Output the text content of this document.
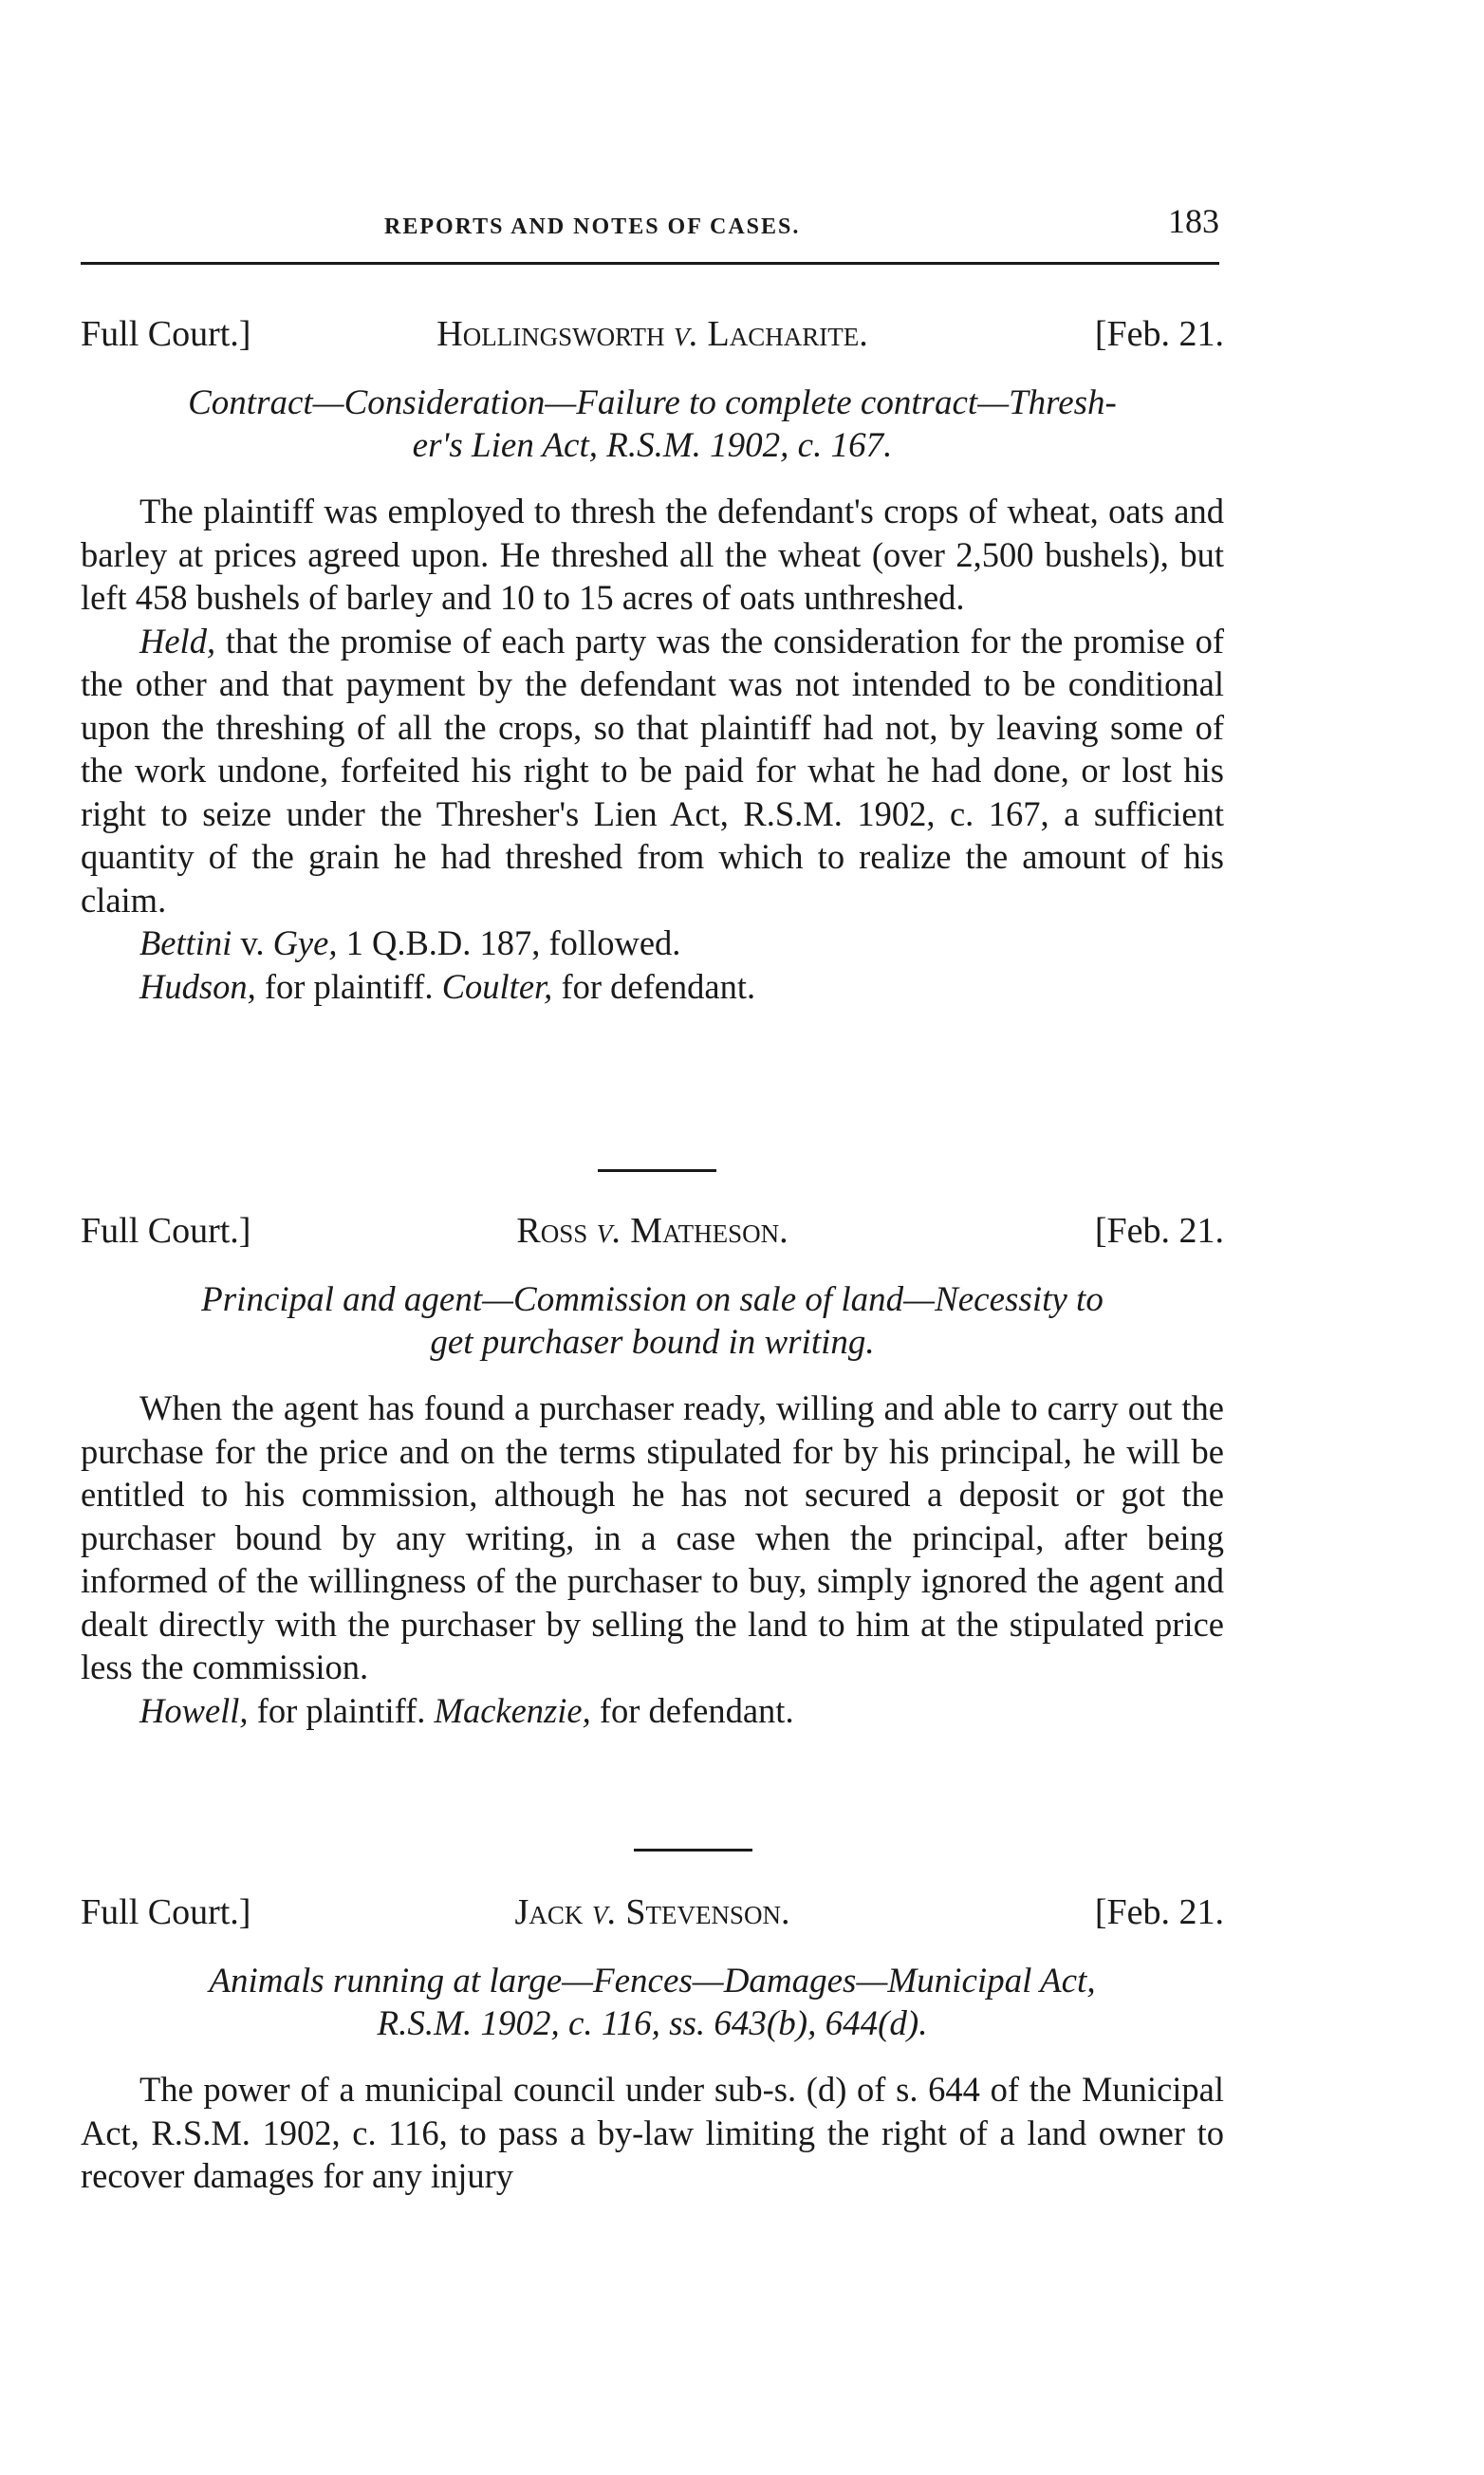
REPORTS AND NOTES OF CASES.	183
Full Court.]	Hollingsworth v. Lacharite.	[Feb. 21.
Contract—Consideration—Failure to complete contract—Thresh-
er's Lien Act, R.S.M. 1902, c. 167.

The plaintiff was employed to thresh the defendant's crops of wheat, oats and barley at prices agreed upon. He threshed all the wheat (over 2,500 bushels), but left 458 bushels of barley and 10 to 15 acres of oats unthreshed.

Held, that the promise of each party was the consideration for the promise of the other and that payment by the defendant was not intended to be conditional upon the threshing of all the crops, so that plaintiff had not, by leaving some of the work undone, forfeited his right to be paid for what he had done, or lost his right to seize under the Thresher's Lien Act, R.S.M. 1902, c. 167, a sufficient quantity of the grain he had threshed from which to realize the amount of his claim.

Bettini v. Gye, 1 Q.B.D. 187, followed.

Hudson, for plaintiff. Coulter, for defendant.

Full Court.]	Ross v. Matheson.	[Feb. 21.
Principal and agent—Commission on sale of land—Necessity to
get purchaser bound in writing.

When the agent has found a purchaser ready, willing and able to carry out the purchase for the price and on the terms stipulated for by his principal, he will be entitled to his commission, although he has not secured a deposit or got the purchaser bound by any writing, in a case when the principal, after being informed of the willingness of the purchaser to buy, simply ignored the agent and dealt directly with the purchaser by selling the land to him at the stipulated price less the commission.

Howell, for plaintiff. Mackenzie, for defendant.

Full Court.]	Jack v. Stevenson.	[Feb. 21.
Animals running at large—Fences—Damages—Municipal Act,
R.S.M. 1902, c. 116, ss. 643(b), 644(d).

The power of a municipal council under sub-s. (d) of s. 644 of the Municipal Act, R.S.M. 1902, c. 116, to pass a by-law limiting the right of a land owner to recover damages for any injury
